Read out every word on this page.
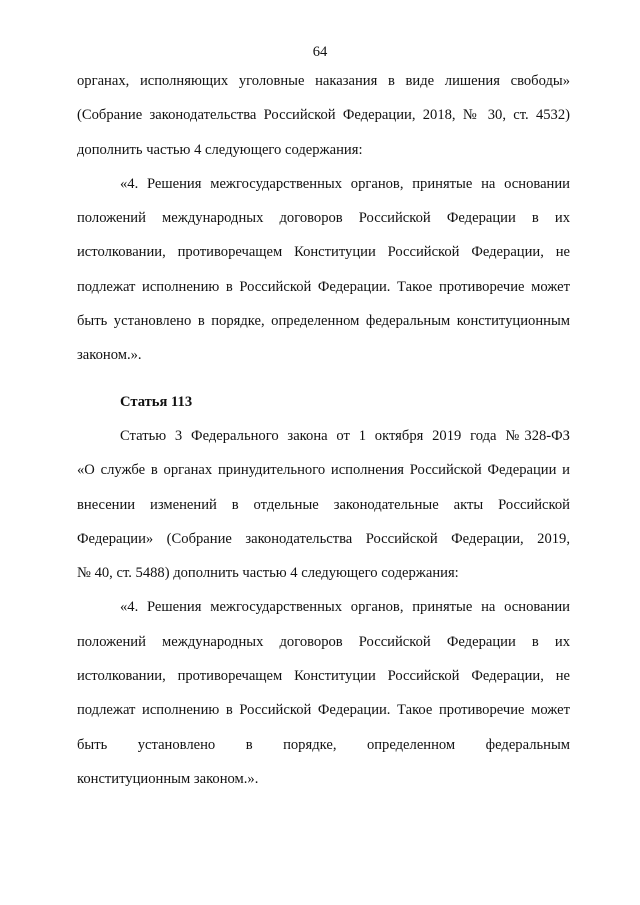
64

органах, исполняющих уголовные наказания в виде лишения свободы»
(Собрание законодательства Российской Федерации, 2018, № 30, ст. 4532)
дополнить частью 4 следующего содержания:

«4. Решения межгосударственных органов, принятые на основании
положений международных договоров Российской Федерации в их
истолковании, противоречащем Конституции Российской Федерации, не
подлежат исполнению в Российской Федерации. Такое противоречие может
быть установлено в порядке, определенном федеральным конституционным
законом.».

Статья 113

Статью 3 Федерального закона от 1 октября 2019 года №328-ФЗ
«О службе в органах принудительного исполнения Российской Федерации и
внесении изменений в отдельные законодательные акты Российской
Федерации» (Собрание законодательства Российской Федерации, 2019,
№ 40, ст. 5488) дополнить частью 4 следующего содержания:

«4. Решения межгосударственных органов, принятые на основании
положений международных договоров Российской Федерации в их
истолковании, противоречащем Конституции Российской Федерации, не
подлежат исполнению в Российской Федерации. Такое противоречие может
быть установлено в порядке, определенном федеральным
конституционным законом.».
